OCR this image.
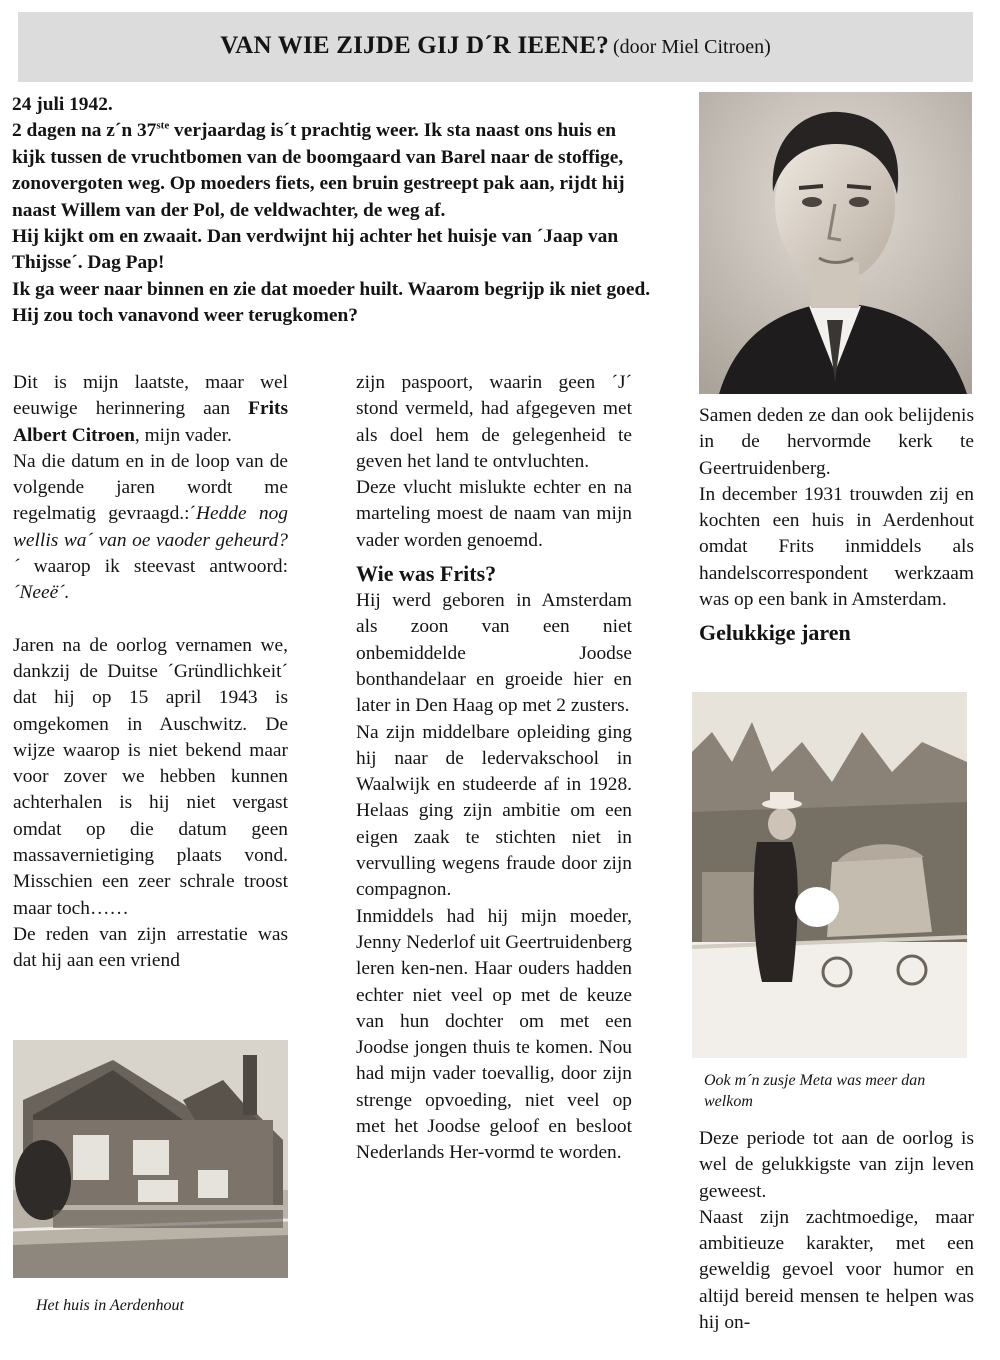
VAN WIE ZIJDE GIJ D´R IEENE? (door Miel Citroen)

24 juli 1942.

2 dagen na z´n 37ste verjaardag is´t prachtig weer. Ik sta naast ons huis en kijk tussen de vruchtbomen van de boomgaard van Barel naar de stoffige, zonovergoten weg. Op moeders fiets, een bruin gestreept pak aan, rijdt hij naast Willem van der Pol, de veldwachter, de weg af.

Hij kijkt om en zwaait. Dan verdwijnt hij achter het huisje van ´Jaap van Thijsse´. Dag Pap!

Ik ga weer naar binnen en zie dat moeder huilt. Waarom begrijp ik niet goed. Hij zou toch vanavond weer terugkomen?

Dit is mijn laatste, maar wel eeuwige herinnering aan Frits Albert Citroen, mijn vader.

Na die datum en in de loop van de volgende jaren wordt me regelmatig gevraagd.:´Hedde nog wellis wa´ van oe vaoder geheurd?´ waarop ik steevast antwoord: ´Neeë´.

Jaren na de oorlog vernamen we, dankzij de Duitse ´Gründlichkeit´ dat hij op 15 april 1943 is omgekomen in Auschwitz. De wijze waarop is niet bekend maar voor zover we hebben kunnen achterhalen is hij niet vergast omdat op die datum geen massavernietiging plaats vond. Misschien een zeer schrale troost maar toch……

De reden van zijn arrestatie was dat hij aan een vriend

Het huis in Aerdenhout

zijn paspoort, waarin geen ´J´ stond vermeld, had afgegeven met als doel hem de gelegenheid te geven het land te ontvluchten.

Deze vlucht mislukte echter en na marteling moest de naam van mijn vader worden genoemd.

Wie was Frits?

Hij werd geboren in Amsterdam als zoon van een niet onbemiddelde Joodse bonthandelaar en groeide hier en later in Den Haag op met 2 zusters.

Na zijn middelbare opleiding ging hij naar de ledervakschool in Waalwijk en studeerde af in 1928. Helaas ging zijn ambitie om een eigen zaak te stichten niet in vervulling wegens fraude door zijn compagnon.

Inmiddels had hij mijn moeder, Jenny Nederlof uit Geertruidenberg leren ken-nen. Haar ouders hadden echter niet veel op met de keuze van hun dochter om met een Joodse jongen thuis te komen. Nou had mijn vader toevallig, door zijn strenge opvoeding, niet veel op met het Joodse geloof en besloot Nederlands Her-vormd te worden.

Samen deden ze dan ook belijdenis in de hervormde kerk te Geertruidenberg.

In december 1931 trouwden zij en kochten een huis in Aerdenhout omdat Frits inmiddels als handelscorrespondent werkzaam was op een bank in Amsterdam.

Gelukkige jaren
Ook m´n zusje Meta was meer dan welkom

Deze periode tot aan de oorlog is wel de gelukkigste van zijn leven geweest.

Naast zijn zachtmoedige, maar ambitieuze karakter, met een geweldig gevoel voor humor en altijd bereid mensen te helpen was hij on-
